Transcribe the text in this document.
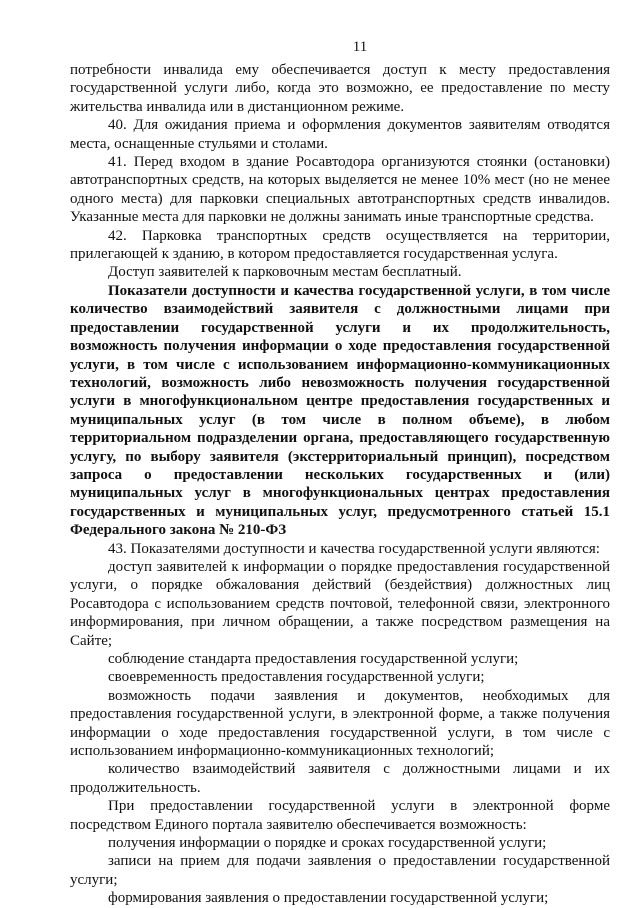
11

потребности инвалида ему обеспечивается доступ к месту предоставления государственной услуги либо, когда это возможно, ее предоставление по месту жительства инвалида или в дистанционном режиме.

40. Для ожидания приема и оформления документов заявителям отводятся места, оснащенные стульями и столами.

41. Перед входом в здание Росавтодора организуются стоянки (остановки) автотранспортных средств, на которых выделяется не менее 10% мест (но не менее одного места) для парковки специальных автотранспортных средств инвалидов. Указанные места для парковки не должны занимать иные транспортные средства.

42. Парковка транспортных средств осуществляется на территории, прилегающей к зданию, в котором предоставляется государственная услуга.

Доступ заявителей к парковочным местам бесплатный.

Показатели доступности и качества государственной услуги, в том числе количество взаимодействий заявителя с должностными лицами при предоставлении государственной услуги и их продолжительность, возможность получения информации о ходе предоставления государственной услуги, в том числе с использованием информационно-коммуникационных технологий, возможность либо невозможность получения государственной услуги в многофункциональном центре предоставления государственных и муниципальных услуг (в том числе в полном объеме), в любом территориальном подразделении органа, предоставляющего государственную услугу, по выбору заявителя (экстерриториальный принцип), посредством запроса о предоставлении нескольких государственных и (или) муниципальных услуг в многофункциональных центрах предоставления государственных и муниципальных услуг, предусмотренного статьей 15.1 Федерального закона № 210-ФЗ

43. Показателями доступности и качества государственной услуги являются:

доступ заявителей к информации о порядке предоставления государственной услуги, о порядке обжалования действий (бездействия) должностных лиц Росавтодора с использованием средств почтовой, телефонной связи, электронного информирования, при личном обращении, а также посредством размещения на Сайте;

соблюдение стандарта предоставления государственной услуги;

своевременность предоставления государственной услуги;

возможность подачи заявления и документов, необходимых для предоставления государственной услуги, в электронной форме, а также получения информации о ходе предоставления государственной услуги, в том числе с использованием информационно-коммуникационных технологий;

количество взаимодействий заявителя с должностными лицами и их продолжительность.

При предоставлении государственной услуги в электронной форме посредством Единого портала заявителю обеспечивается возможность:

получения информации о порядке и сроках государственной услуги;

записи на прием для подачи заявления о предоставлении государственной услуги;

формирования заявления о предоставлении государственной услуги;
